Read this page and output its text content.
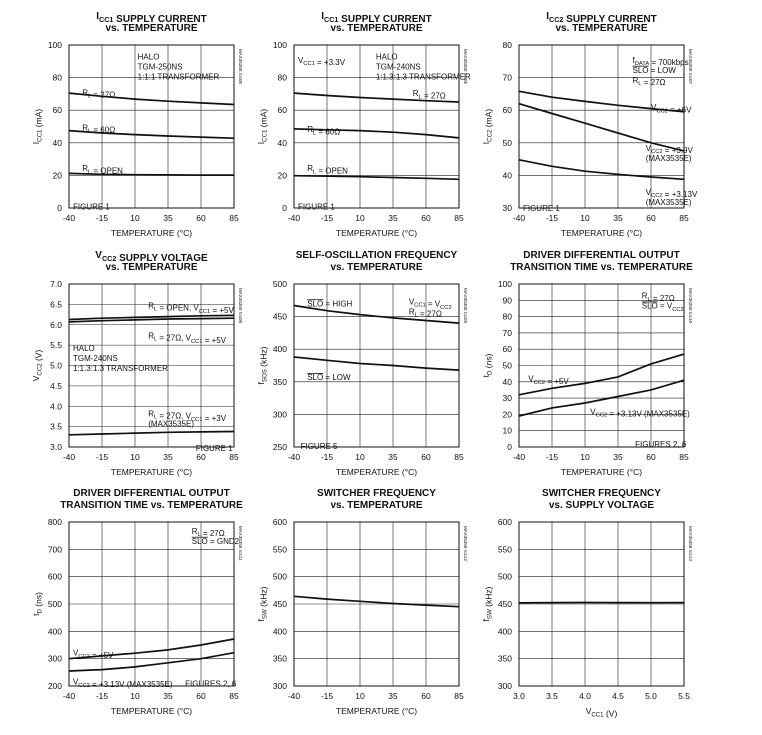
$I_{CC1}$ SUPPLY CURRENT
vs. TEMPERATURE
-40 -15	10	35	60	85
0
20
40
60
80
100
TEMPERATURE (°C)
$I_{CC1}$ (mA)
MAX3535E toc05
HALO
TGM-250NS
1:1:1 TRANSFORMER
$R_L = 27\Omega$
$R_L = 60\Omega$
$R_L$ = OPEN
FIGURE 1
$I_{CC1}$ SUPPLY CURRENT
vs. TEMPERATURE
-40 -15	10	35	60	85
0
20
40
60
80
100
TEMPERATURE (°C)
$I_{CC1}$ (mA)
MAX3535E toc06
$V_{CC1} = +3.3V$
HALO
TGM-240NS
1:1.3:1.3 TRANSFORMER
$R_L = 27\Omega$
$R_L = 60\Omega$
$R_L$ = OPEN
FIGURE 1
$I_{CC2}$ SUPPLY CURRENT
vs. TEMPERATURE
-40 -15	10	35	60	85
30
40
50
60
70
80
TEMPERATURE (°C)
$I_{CC2}$ (mA)
MAX3535E toc07
$f_{DATA}$ = 700kbps
SLO = LOW
$R_L = 27\Omega$
$V_{CC2} = +6V$
$V_{CC2} = +3.9V$
(MAX3535E)
$V_{CC2} = +3.13V$
(MAX3535E)
FIGURE 1
$V_{CC2}$ SUPPLY VOLTAGE
vs. TEMPERATURE
-40 -15	10	35	60	85
3.0
3.5
4.0
4.5
5.0
5.5
6.0
6.5
7.0
TEMPERATURE (°C)
$V_{CC2}$ (V)
MAX3535E toc08
$R_L$ = OPEN, $V_{CC1} = +5V$
$R_L = 27\Omega$, $V_{CC1} = +5V$
HALO
TGM-240NS
1:1.3:1.3 TRANSFORMER
$R_L = 27\Omega$, $V_{CC1} = +3V$
(MAX3535E)
FIGURE 1
SELF-OSCILLATION FREQUENCY
vs. TEMPERATURE
-40 -15	10	35	60	85
250
300
350
400
450
500
TEMPERATURE (°C)
$f_{SOS}$ (kHz)
MAX3535E toc09
SLO = HIGH	$V_{CC1} = V_{CC2}$
$R_L = 27\Omega$
SLO = LOW
FIGURE 5
DRIVER DIFFERENTIAL OUTPUT
TRANSITION TIME vs. TEMPERATURE
-40 -15	10	35	60	85
0
10
20
30
40
50
60
70
80
90
100
TEMPERATURE (°C)
$t_D$ (ns)
MAX3535E toc10
$R_L = 27\Omega$
SLO = $V_{CC2}$
$V_{CC2} = +5V$
$V_{CC2} = +3.13V$ (MAX3535E)
FIGURES 2, 6
DRIVER DIFFERENTIAL OUTPUT
TRANSITION TIME vs. TEMPERATURE
-40 -15	10	35	60	85
200
300
400
500
600
700
800
TEMPERATURE (°C)
$t_D$ (ns)
MAX3535E toc11
$R_L = 27\Omega$
SLO = GND2
$V_{CC2} = +5V$
$V_{CC2} = +3.13V$ (MAX3535E) FIGURES 2, 6
SWITCHER FREQUENCY
vs. TEMPERATURE
-40 -15	10	35	60	85
300
350
400
450
500
550
600
TEMPERATURE (°C)
$f_{SW}$ (kHz)
MAX3535E toc12
SWITCHER FREQUENCY
vs. SUPPLY VOLTAGE
3.0 3.5 4.0 4.5 5.0 5.5
300
350
400
450
500
550
600
$V_{CC1}$ (V)
$f_{SW}$ (kHz)
MAX3535E toc13
